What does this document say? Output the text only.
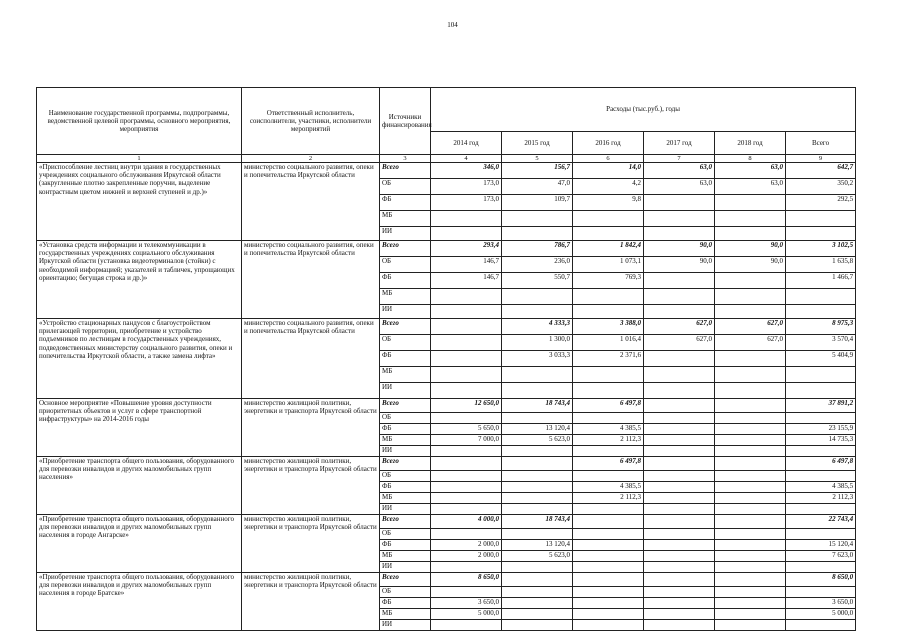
104
Наименование государственной программы, подпрограммы, ведомственной целевой программы, основного мероприятия, мероприятия	Ответственный исполнитель, соисполнители, участники, исполнители мероприятий	Источники финансирования	Расходы (тыс.руб.), годы					
			2014 год	2015 год	2016 год	2017 год	2018 год	Всего
1	2	3	4	5	6	7	8	9
«Приспособление лестниц внутри здания в государственных учреждениях социального обслуживания Иркутской области (закругленные плотно закрепленные поручни, выделение контрастным цветом нижней и верхней ступеней и др.)»	министерство социального развития, опеки и попечительства Иркутской области	Всего	346,0	156,7	14,0	63,0	63,0	642,7
		ОБ	173,0	47,0	4,2	63,0	63,0	350,2
		ФБ	173,0	109,7	9,8			292,5
		МБ						
		ИИ						
«Установка средств информации и телекоммуникации в государственных учреждениях социального обслуживания Иркутской области (установка видеотерминалов (стойки) с необходимой информацией; указателей и табличек, упрощающих ориентацию; бегущая строка и др.)»	министерство социального развития, опеки и попечительства Иркутской области	Всего	293,4	786,7	1 842,4	90,0	90,0	3 102,5
		ОБ	146,7	236,0	1 073,1	90,0	90,0	1 635,8
		ФБ	146,7	550,7	769,3			1 466,7
		МБ						
		ИИ						
«Устройство стационарных пандусов с благоустройством прилегающей территории, приобретение и устройство подъемников по лестницам в государственных учреждениях, подведомственных министерству социального развития, опеки и попечительства Иркутской области, а также замена лифта»	министерство социального развития, опеки и попечительства Иркутской области	Всего		4 333,3	3 388,0	627,0	627,0	8 975,3
		ОБ		1 300,0	1 016,4	627,0	627,0	3 570,4
		ФБ		3 033,3	2 371,6			5 404,9
		МБ						
		ИИ						
Основное мероприятие «Повышение уровня доступности приоритетных объектов и услуг в сфере транспортной инфраструктуры» на 2014-2016 годы	министерство жилищной политики, энергетики и транспорта Иркутской области	Всего	12 650,0	18 743,4	6 497,8			37 891,2
		ОБ						
		ФБ	5 650,0	13 120,4	4 385,5			23 155,9
		МБ	7 000,0	5 623,0	2 112,3			14 735,3
		ИИ						
«Приобретение транспорта общего пользования, оборудованного для перевозки инвалидов и других маломобильных групп населения»	министерство жилищной политики, энергетики и транспорта Иркутской области	Всего			6 497,8			6 497,8
		ОБ						
		ФБ			4 385,5			4 385,5
		МБ			2 112,3			2 112,3
		ИИ						
«Приобретение транспорта общего пользования, оборудованного для перевозки инвалидов и других маломобильных групп населения в городе Ангарске»	министерство жилищной политики, энергетики и транспорта Иркутской области	Всего	4 000,0	18 743,4				22 743,4
		ОБ						
		ФБ	2 000,0	13 120,4				15 120,4
		МБ	2 000,0	5 623,0				7 623,0
		ИИ						
«Приобретение транспорта общего пользования, оборудованного для перевозки инвалидов и других маломобильных групп населения в городе Братске»	министерство жилищной политики, энергетики и транспорта Иркутской области	Всего	8 650,0					8 650,0
		ОБ						
		ФБ	3 650,0					3 650,0
		МБ	5 000,0					5 000,0
		ИИ						
